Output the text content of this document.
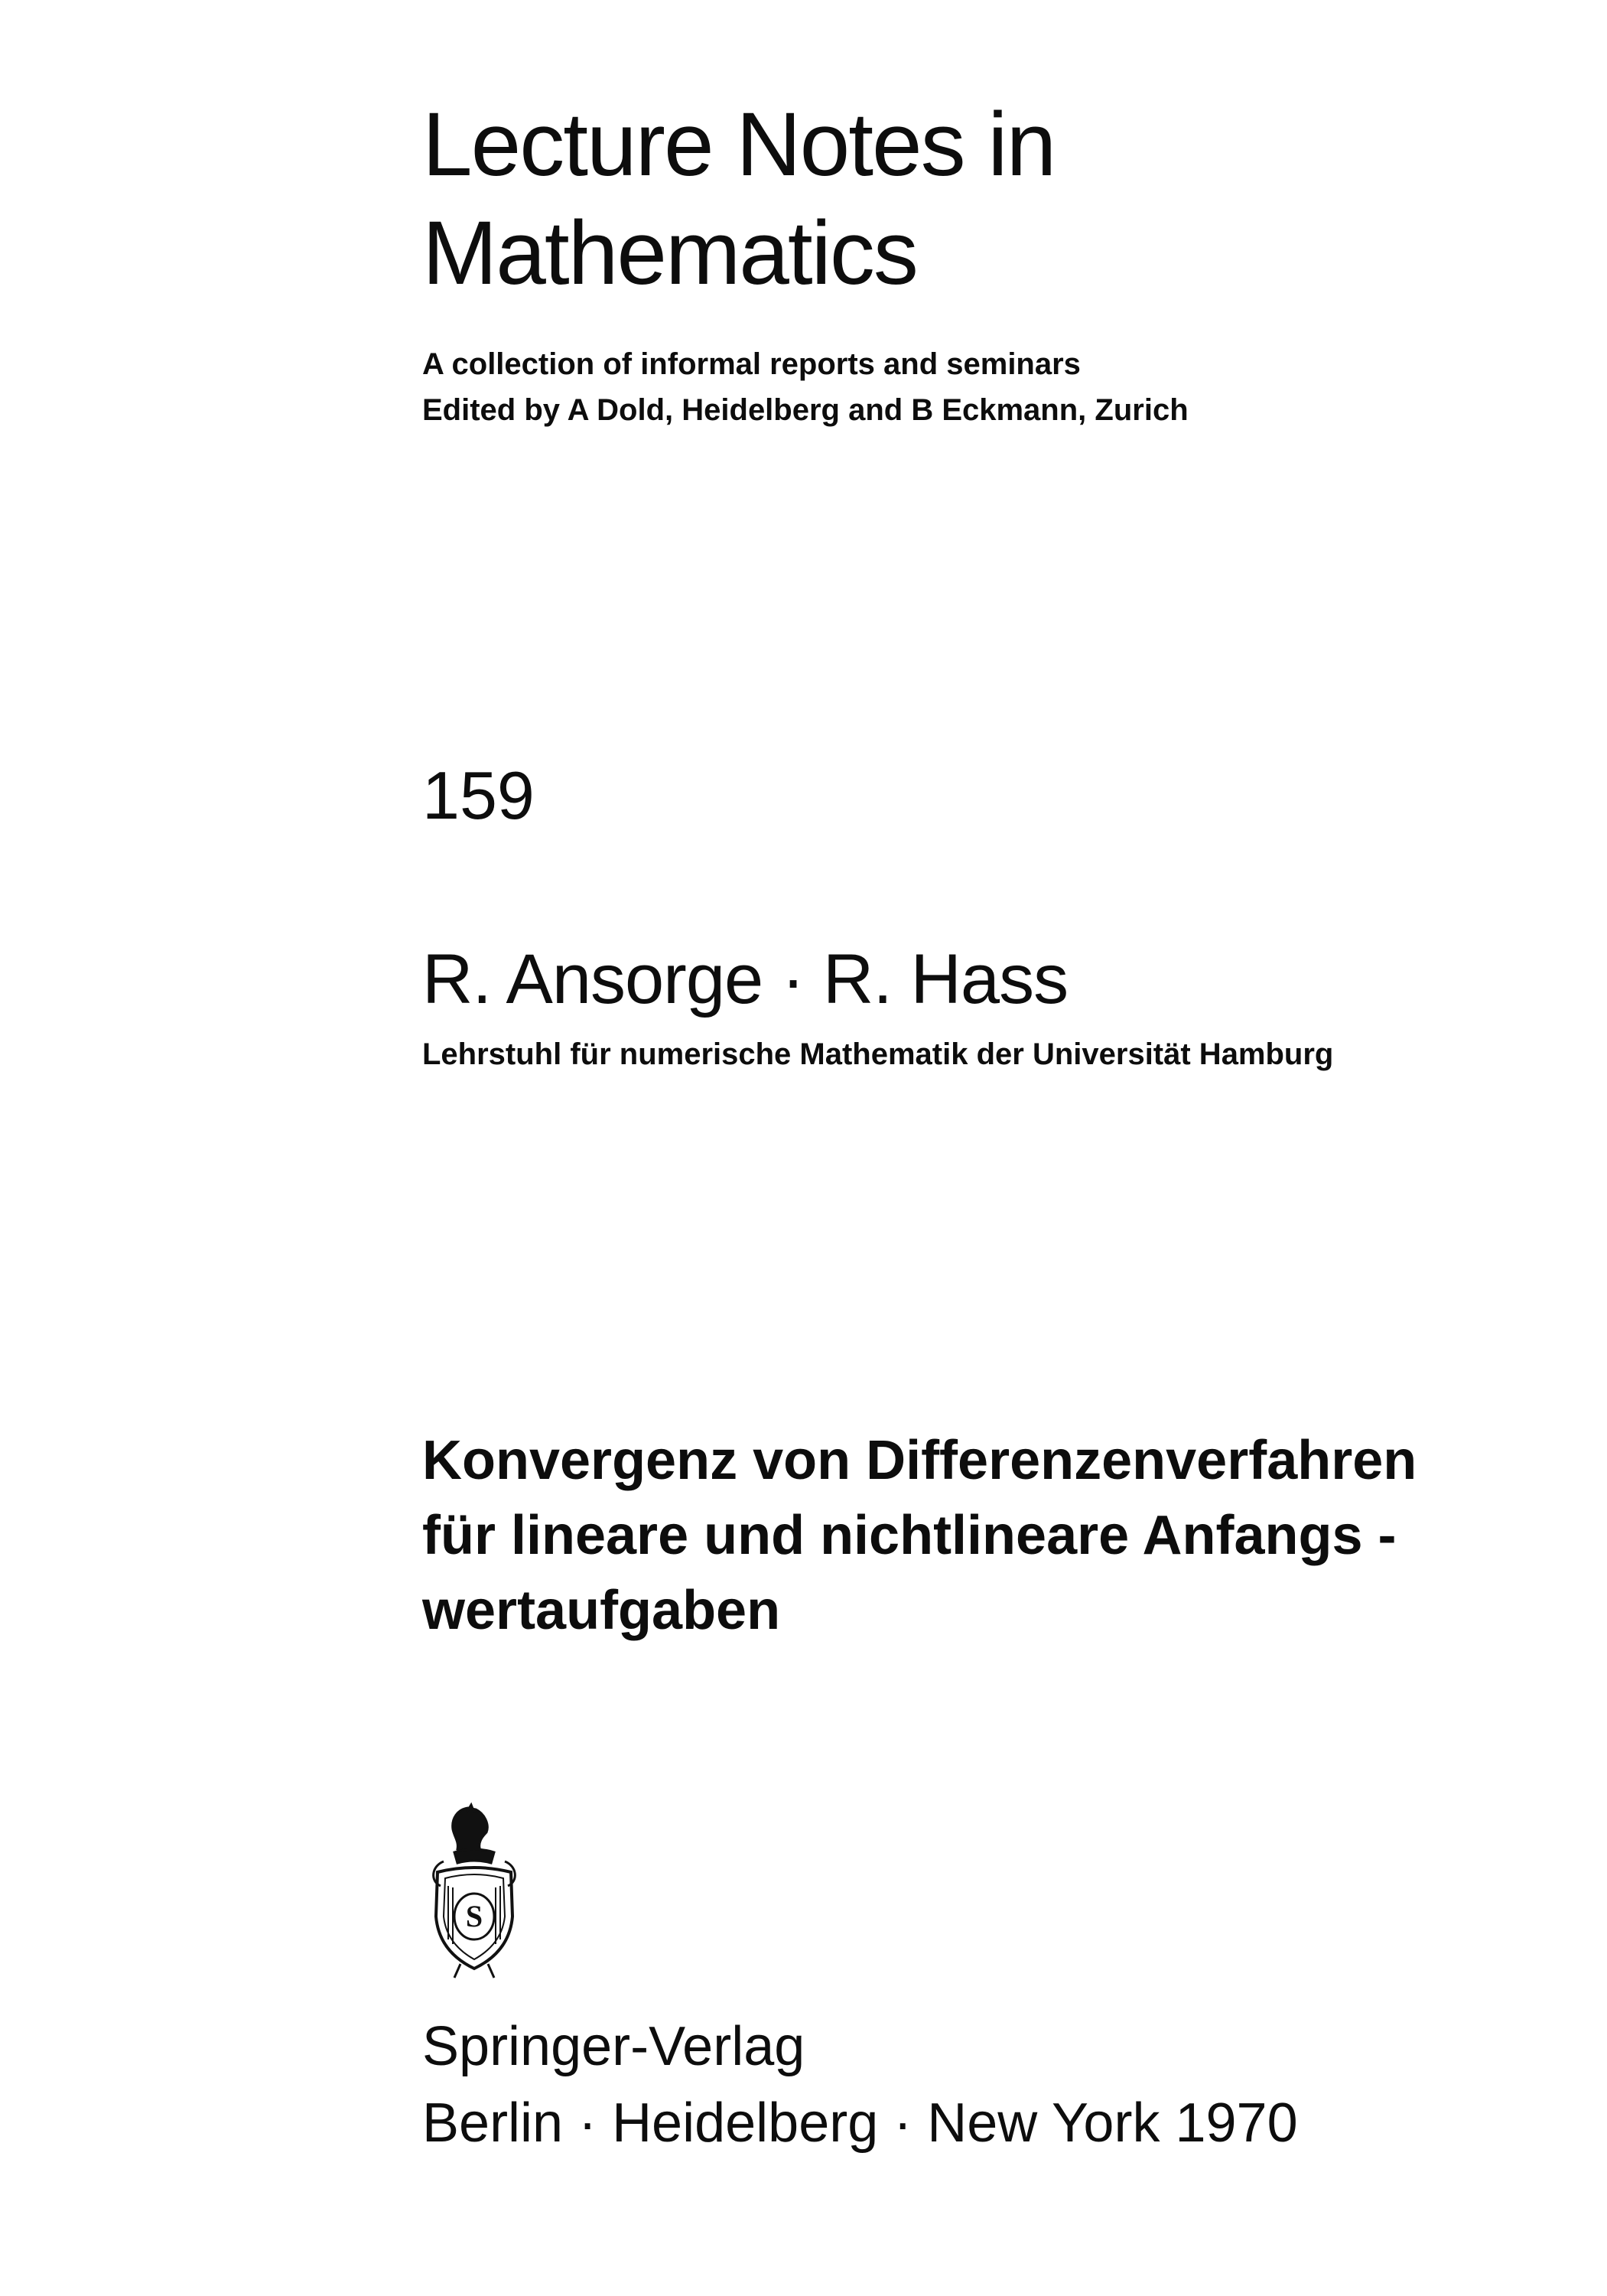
Lecture Notes in
Mathematics
A collection of informal reports and seminars
Edited by A Dold, Heidelberg and B Eckmann, Zurich
159
R. Ansorge · R. Hass
Lehrstuhl für numerische Mathematik der Universität Hamburg
Konvergenz von Differenzenverfahren
für lineare und nichtlineare Anfangs -
wertaufgaben
S
Springer-Verlag
Berlin · Heidelberg · New York 1970
